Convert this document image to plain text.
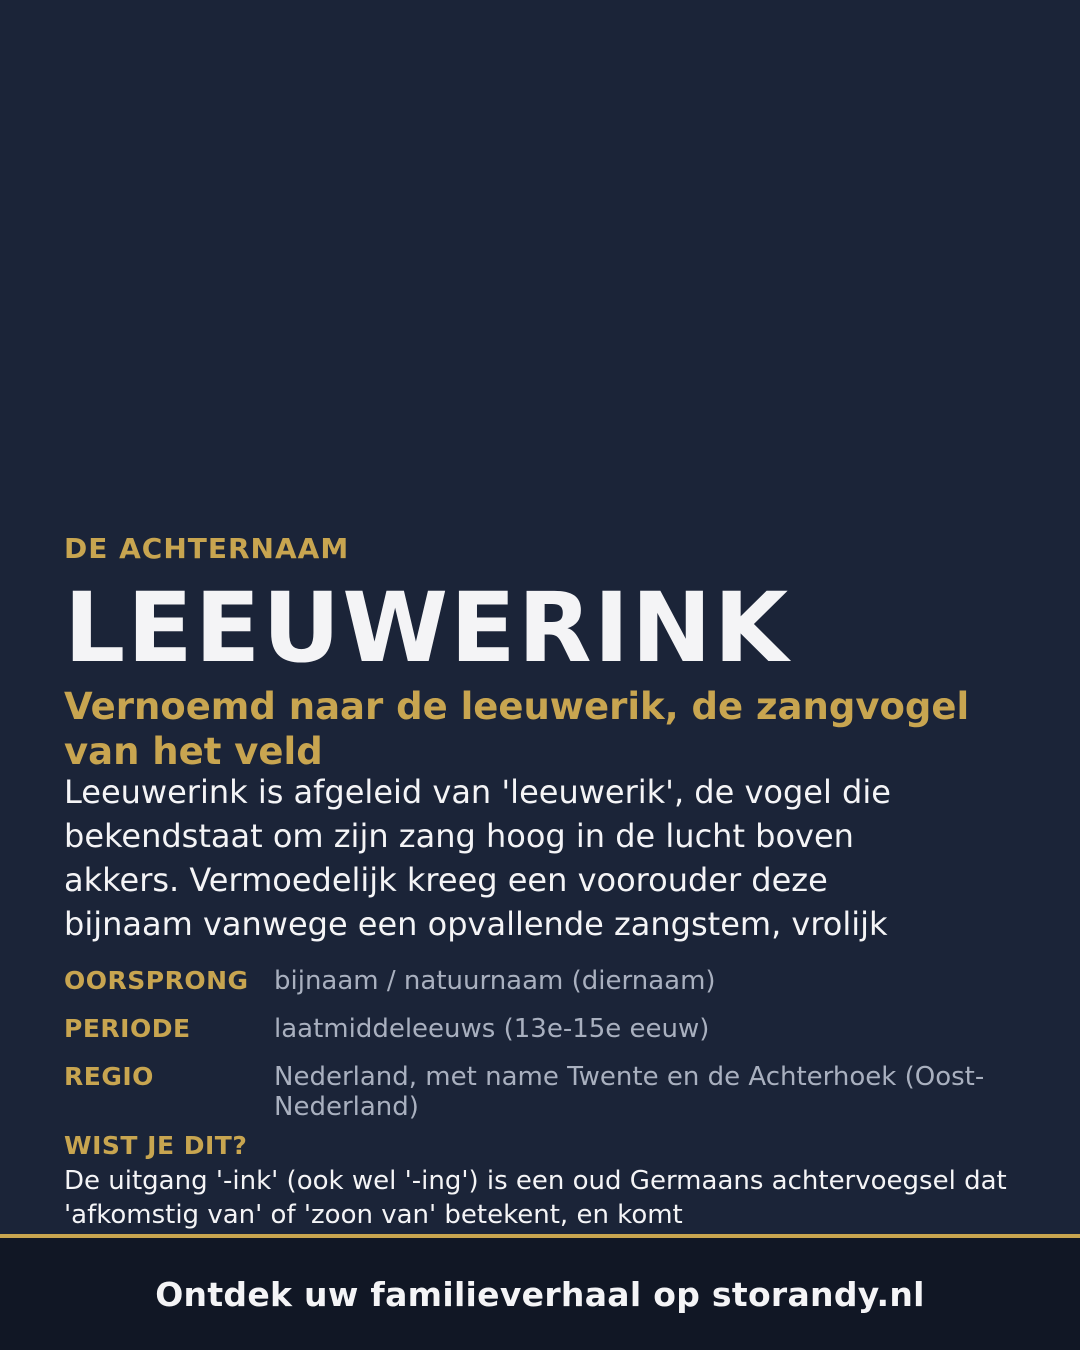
DE ACHTERNAAM
LEEUWERINK
Vernoemd naar de leeuwerik, de zangvogel van het veld
Leeuwerink is afgeleid van 'leeuwerik', de vogel die bekendstaat om zijn zang hoog in de lucht boven akkers. Vermoedelijk kreeg een voorouder deze bijnaam vanwege een opvallende zangstem, vrolijk
OORSPRONG bijnaam / natuurnaam (diernaam)
PERIODE	laatmiddeleeuws (13e-15e eeuw)
REGIO	Nederland, met name Twente en de Achterhoek (Oost-Nederland)
WIST JE DIT?
De uitgang '-ink' (ook wel '-ing') is een oud Germaans achtervoegsel dat 'afkomstig van' of 'zoon van' betekent, en komt
Ontdek uw familieverhaal op storandy.nl
